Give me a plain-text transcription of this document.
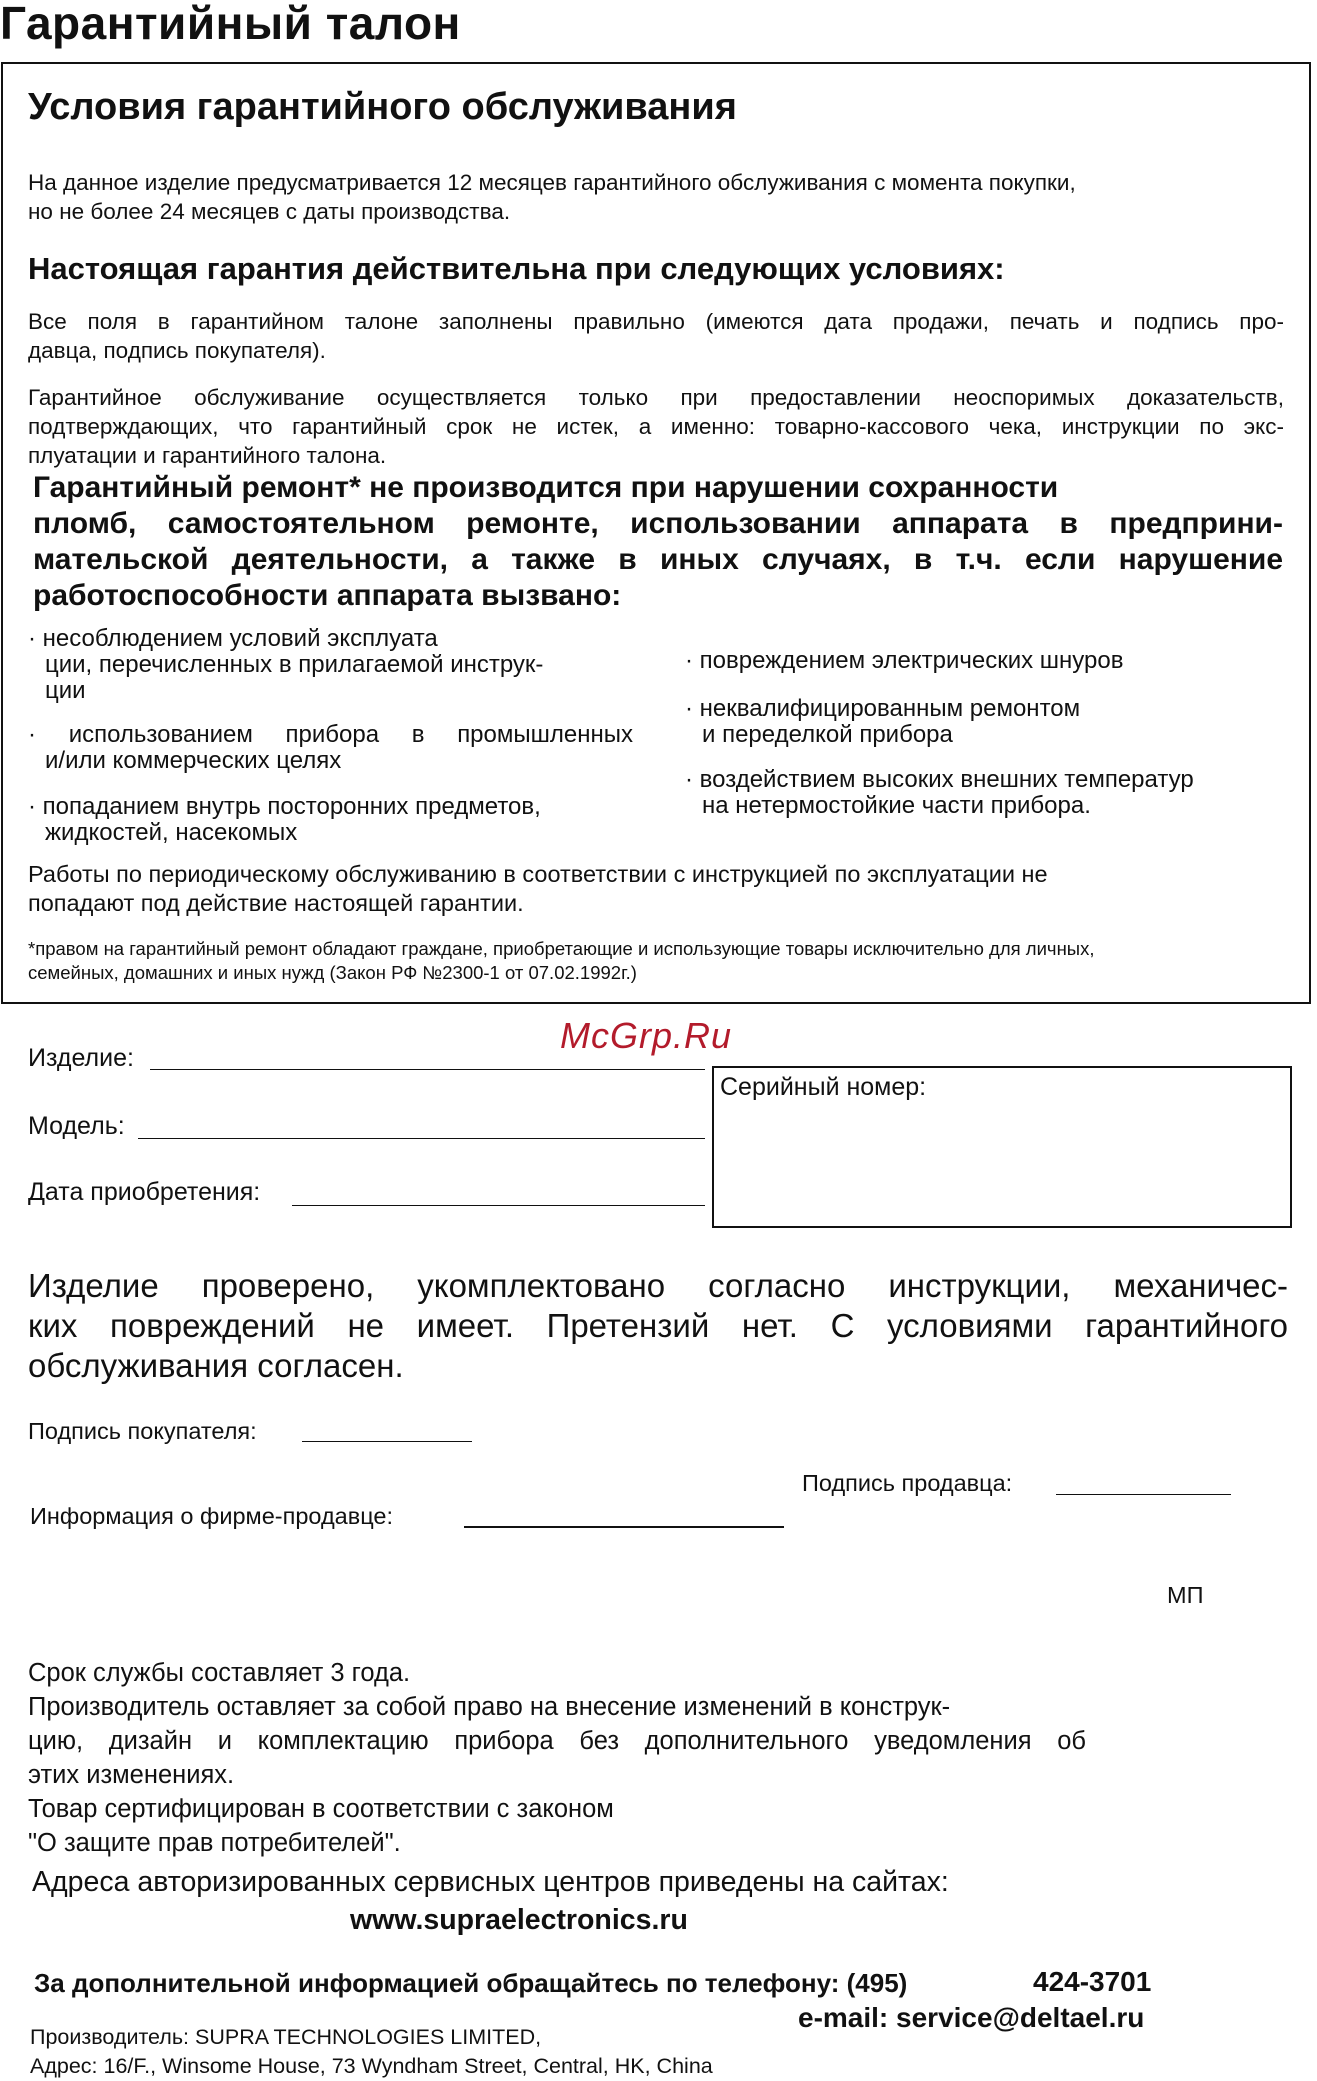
Гарантийный талон
Условия гарантийного обслуживания
На данное изделие предусматривается 12 месяцев гарантийного обслуживания с момента покупки,
но не более 24 месяцев с даты производства.
Настоящая гарантия действительна при следующих условиях:
Все поля в гарантийном талоне заполнены правильно (имеются дата продажи, печать и подпись про-
давца, подпись покупателя).
Гарантийное обслуживание осуществляется только при предоставлении неоспоримых доказательств,
подтверждающих, что гарантийный срок не истек, а именно: товарно-кассового чека, инструкции по экс-
плуатации и гарантийного талона.
Гарантийный ремонт* не производится при нарушении сохранности
пломб, самостоятельном ремонте, использовании аппарата в предприни-
мательской деятельности, а также в иных случаях, в т.ч. если нарушение
работоспособности аппарата вызвано:
· несоблюдением условий эксплуата
ции, перечисленных в прилагаемой инструк-
ции
· использованием прибора в промышленных
и/или коммерческих целях
· попаданием внутрь посторонних предметов,
жидкостей, насекомых
· повреждением электрических шнуров
· неквалифицированным ремонтом
и переделкой прибора
· воздействием высоких внешних температур
на нетермостойкие части прибора.
Работы по периодическому обслуживанию в соответствии с инструкцией по эксплуатации не
попадают под действие настоящей гарантии.
*правом на гарантийный ремонт обладают граждане, приобретающие и использующие товары исключительно для личных,
семейных, домашних и иных нужд (Закон РФ №2300-1 от 07.02.1992г.)
McGrp.Ru
Изделие:
Модель:
Дата приобретения:
Серийный номер:
Изделие проверено, укомплектовано согласно инструкции, механичес-
ких повреждений не имеет. Претензий нет. С условиями гарантийного
обслуживания согласен.
Подпись покупателя:
Подпись продавца:
Информация о фирме-продавце:
МП
Срок службы составляет 3 года.
Производитель оставляет за собой право на внесение изменений в конструк-
цию, дизайн и комплектацию прибора без дополнительного уведомления об
этих изменениях.
Товар сертифицирован в соответствии с законом
"О защите прав потребителей".
Адреса авторизированных сервисных центров приведены на сайтах:
www.supraelectronics.ru
За дополнительной информацией обращайтесь по телефону: (495)	424-3701
e-mail: service@deltael.ru
Производитель: SUPRA TECHNOLOGIES LIMITED,
Адрес: 16/F., Winsome House, 73 Wyndham Street, Central, HK, China
